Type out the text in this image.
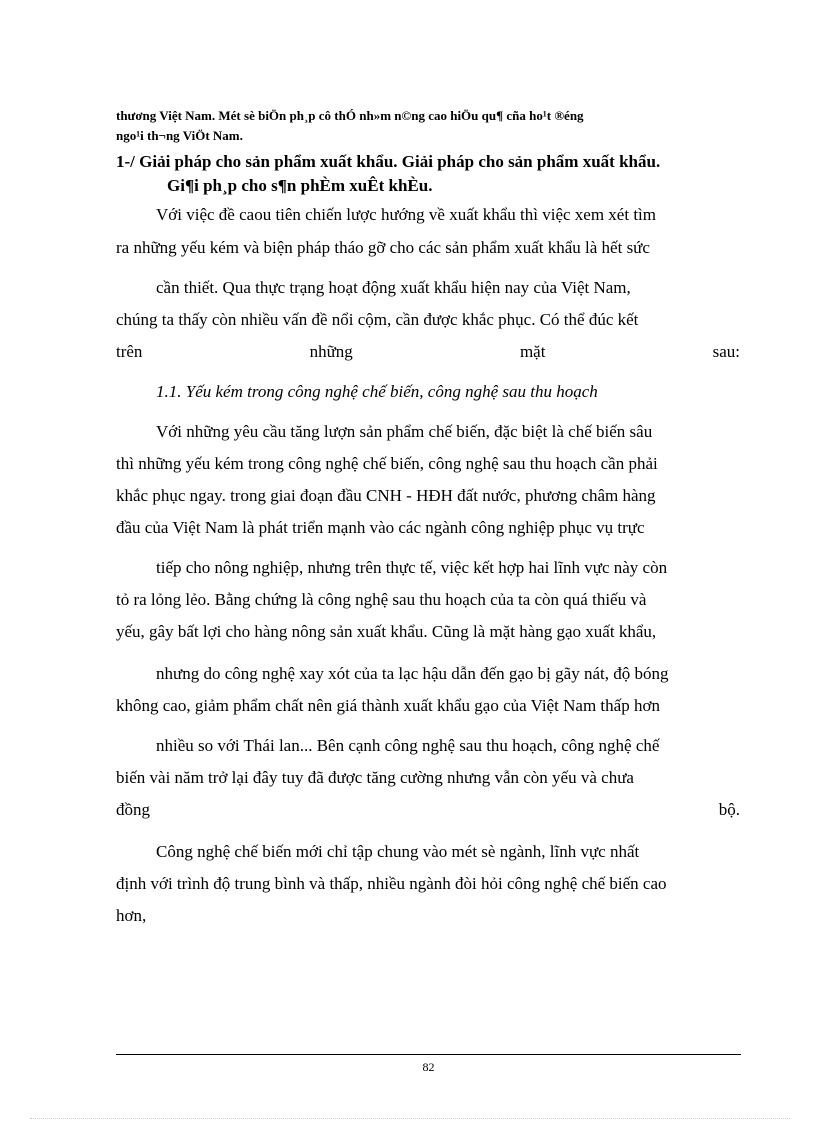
thương Việt Nam. Mét sè biÖn ph¸p cô thÓ nh»m n©ng cao hiÖu qu¶ cña ho¹t ®éng
ngo¹i th¬ng ViÖt Nam.
1-/ Giải pháp cho sản phẩm xuất khẩu. Giải pháp cho sản phẩm xuất khẩu.
Gi¶i ph¸p cho s¶n phÈm xuÊt khÈu.
Với việc đề caou tiên chiến lược hướng về xuất khẩu thì việc xem xét tìm
ra những yếu kém và biện pháp tháo gỡ cho các sản phẩm xuất khẩu là hết sức
cần thiết. Qua thực trạng hoạt động xuất khẩu hiện nay của Việt Nam,
chúng ta thấy còn nhiều vấn đề nổi cộm, cần được khắc phục. Có thể đúc kết
trên	những	mặt	sau:
1.1. Yếu kém trong công nghệ chế biến, công nghệ sau thu hoạch
Với những yêu cầu tăng lượn sản phẩm chế biến, đặc biệt là chế biến sâu
thì những yếu kém trong công nghệ chế biến, công nghệ sau thu hoạch cần phải
khắc phục ngay. trong giai đoạn đầu CNH - HĐH đất nước, phương châm hàng
đầu của Việt Nam là phát triển mạnh vào các ngành công nghiệp phục vụ trực
tiếp cho nông nghiệp, nhưng trên thực tế, việc kết hợp hai lĩnh vực này còn
tỏ ra lỏng lẻo. Bằng chứng là công nghệ sau thu hoạch của ta còn quá thiếu và
yếu, gây bất lợi cho hàng nông sản xuất khẩu. Cũng là mặt hàng gạo xuất khẩu,
nhưng do công nghệ xay xót của ta lạc hậu dẫn đến gạo bị gãy nát, độ bóng
không cao, giảm phẩm chất nên giá thành xuất khẩu gạo của Việt Nam thấp hơn
nhiều so với Thái lan... Bên cạnh công nghệ sau thu hoạch, công nghệ chế
biến vài năm trở lại đây tuy đã được tăng cường nhưng vẫn còn yếu và chưa
đồng	bộ.
Công nghệ chế biến mới chỉ tập chung vào mét sè ngành, lĩnh vực nhất
định với trình độ trung bình và thấp, nhiều ngành đòi hỏi công nghệ chế biến cao
hơn,
82
